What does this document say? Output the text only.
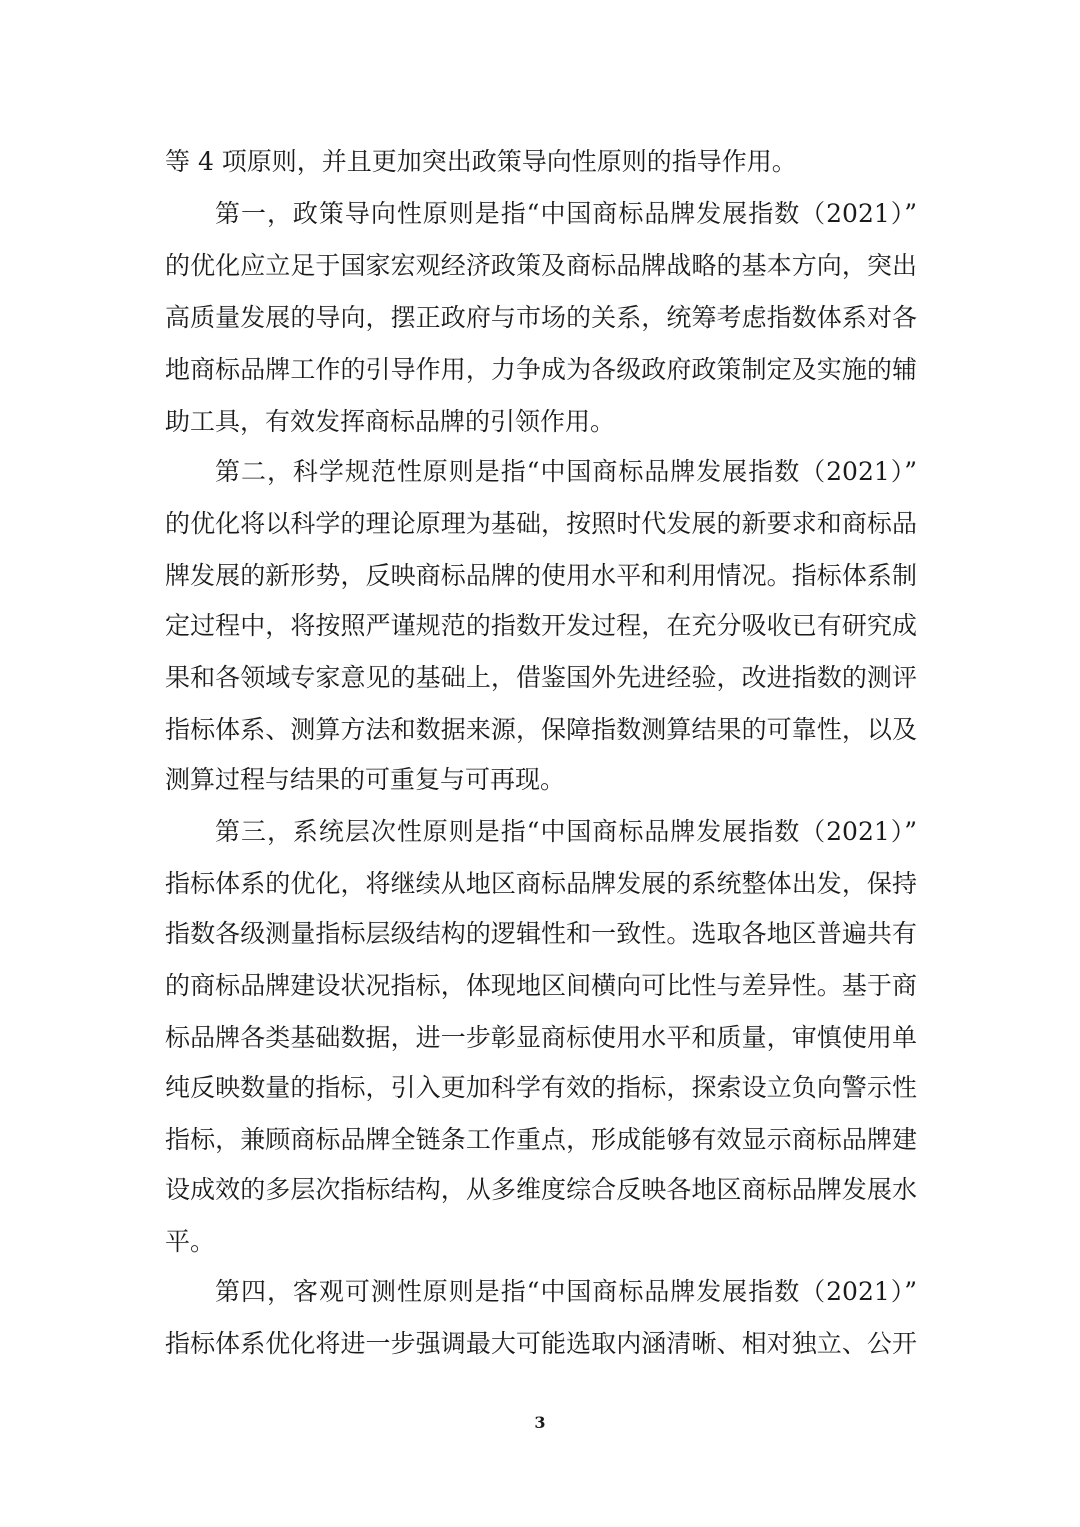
等 4 项原则，并且更加突出政策导向性原则的指导作用。
第一，政策导向性原则是指“中国商标品牌发展指数（2021）”
的优化应立足于国家宏观经济政策及商标品牌战略的基本方向，突出
高质量发展的导向，摆正政府与市场的关系，统筹考虑指数体系对各
地商标品牌工作的引导作用，力争成为各级政府政策制定及实施的辅
助工具，有效发挥商标品牌的引领作用。
第二，科学规范性原则是指“中国商标品牌发展指数（2021）”
的优化将以科学的理论原理为基础，按照时代发展的新要求和商标品
牌发展的新形势，反映商标品牌的使用水平和利用情况。指标体系制
定过程中，将按照严谨规范的指数开发过程，在充分吸收已有研究成
果和各领域专家意见的基础上，借鉴国外先进经验，改进指数的测评
指标体系、测算方法和数据来源，保障指数测算结果的可靠性，以及
测算过程与结果的可重复与可再现。
第三，系统层次性原则是指“中国商标品牌发展指数（2021）”
指标体系的优化，将继续从地区商标品牌发展的系统整体出发，保持
指数各级测量指标层级结构的逻辑性和一致性。选取各地区普遍共有
的商标品牌建设状况指标，体现地区间横向可比性与差异性。基于商
标品牌各类基础数据，进一步彰显商标使用水平和质量，审慎使用单
纯反映数量的指标，引入更加科学有效的指标，探索设立负向警示性
指标，兼顾商标品牌全链条工作重点，形成能够有效显示商标品牌建
设成效的多层次指标结构，从多维度综合反映各地区商标品牌发展水
平。
第四，客观可测性原则是指“中国商标品牌发展指数（2021）”
指标体系优化将进一步强调最大可能选取内涵清晰、相对独立、公开
3
